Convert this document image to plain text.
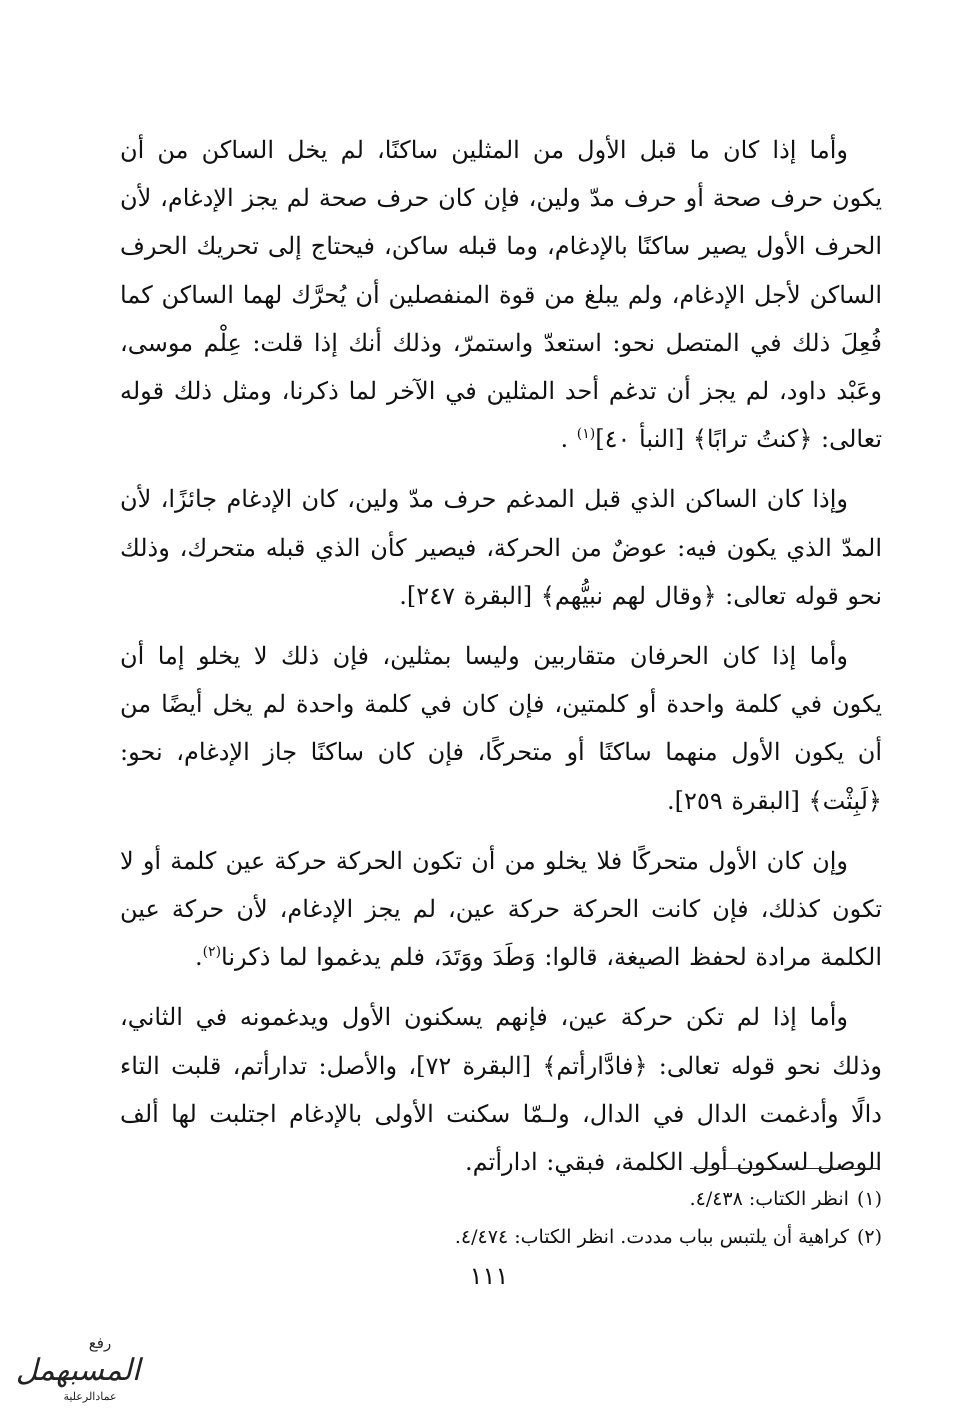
وأما إذا كان ما قبل الأول من المثلين ساكنًا، لم يخل الساكن من أن يكون حرف صحة أو حرف مدّ ولين، فإن كان حرف صحة لم يجز الإدغام، لأن الحرف الأول يصير ساكنًا بالإدغام، وما قبله ساكن، فيحتاج إلى تحريك الحرف الساكن لأجل الإدغام، ولم يبلغ من قوة المنفصلين أن يُحرَّك لهما الساكن كما فُعِلَ ذلك في المتصل نحو: استعدّ واستمرّ، وذلك أنك إذا قلت: عِلْم موسى، وعَبْد داود، لم يجز أن تدغم أحد المثلين في الآخر لما ذكرنا، ومثل ذلك قوله تعالى: ﴿كنتُ ترابًا﴾ [النبأ ٤٠]$^{(١)}$ .

وإذا كان الساكن الذي قبل المدغم حرف مدّ ولين، كان الإدغام جائزًا، لأن المدّ الذي يكون فيه: عوضٌ من الحركة، فيصير كأن الذي قبله متحرك، وذلك نحو قوله تعالى: ﴿وقال لهم نبيُّهم﴾ [البقرة ٢٤٧].

وأما إذا كان الحرفان متقاربين وليسا بمثلين، فإن ذلك لا يخلو إما أن يكون في كلمة واحدة أو كلمتين، فإن كان في كلمة واحدة لم يخل أيضًا من أن يكون الأول منهما ساكنًا أو متحركًا، فإن كان ساكنًا جاز الإدغام، نحو: ﴿لَبِثْت﴾ [البقرة ٢٥٩].

وإن كان الأول متحركًا فلا يخلو من أن تكون الحركة حركة عين كلمة أو لا تكون كذلك، فإن كانت الحركة حركة عين، لم يجز الإدغام، لأن حركة عين الكلمة مرادة لحفظ الصيغة، قالوا: وَطَدَ ووَتَدَ، فلم يدغموا لما ذكرنا$^{(٢)}$.

وأما إذا لم تكن حركة عين، فإنهم يسكنون الأول ويدغمونه في الثاني، وذلك نحو قوله تعالى: ﴿فادَّارأتم﴾ [البقرة ٧٢]، والأصل: تدارأتم، قلبت التاء دالًا وأدغمت الدال في الدال، ولـمّا سكنت الأولى بالإدغام اجتلبت لها ألف الوصل لسكون أول الكلمة، فبقي: ادارأتم.

(١)انظر الكتاب: ٤/٤٣٨.

(٢)كراهية أن يلتبس بباب مددت. انظر الكتاب: ٤/٤٧٤.

١١١
رفع
المسبهمل
عمادالرعلية
